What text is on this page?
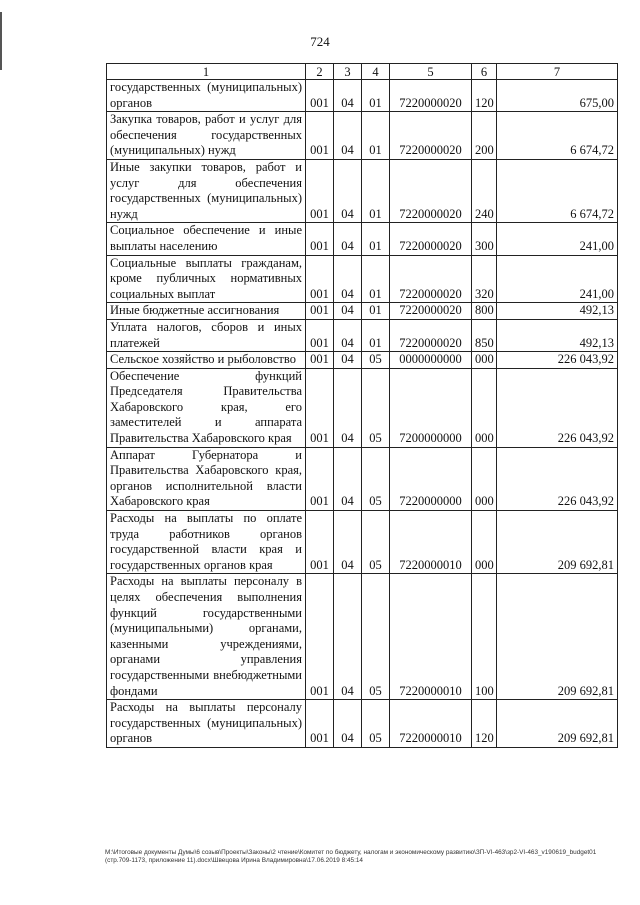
724
1	2	3	4	5	6	7
государственных (муниципальных) органов	001	04	01	7220000020	120	675,00
Закупка товаров, работ и услуг для обеспечения государственных (муниципальных) нужд	001	04	01	7220000020	200	6 674,72
Иные закупки товаров, работ и услуг для обеспечения государственных (муниципальных) нужд	001	04	01	7220000020	240	6 674,72
Социальное обеспечение и иные выплаты населению	001	04	01	7220000020	300	241,00
Социальные выплаты гражданам, кроме публичных нормативных социальных выплат	001	04	01	7220000020	320	241,00
Иные бюджетные ассигнования	001	04	01	7220000020	800	492,13
Уплата налогов, сборов и иных платежей	001	04	01	7220000020	850	492,13
Сельское хозяйство и рыболовство	001	04	05	0000000000	000	226 043,92
Обеспечение функций Председателя Правительства Хабаровского края, его заместителей и аппарата Правительства Хабаровского края	001	04	05	7200000000	000	226 043,92
Аппарат Губернатора и Правительства Хабаровского края, органов исполнительной власти Хабаровского края	001	04	05	7220000000	000	226 043,92
Расходы на выплаты по оплате труда работников органов государственной власти края и государственных органов края	001	04	05	7220000010	000	209 692,81
Расходы на выплаты персоналу в целях обеспечения выполнения функций государственными (муниципальными) органами, казенными учреждениями, органами управления государственными внебюджетными фондами	001	04	05	7220000010	100	209 692,81
Расходы на выплаты персоналу государственных (муниципальных) органов	001	04	05	7220000010	120	209 692,81
М:\Итоговые документы Думы\6 созыв\Проекты\Законы\2 чтение\Комитет по бюджету, налогам и экономическому развитию\ЗП-VI-463\зр2-VI-463_v190619_budget01 (стр.709-1173, приложение 11).docx\Швецова Ирина Владимировна\17.06.2019 8:45:14
